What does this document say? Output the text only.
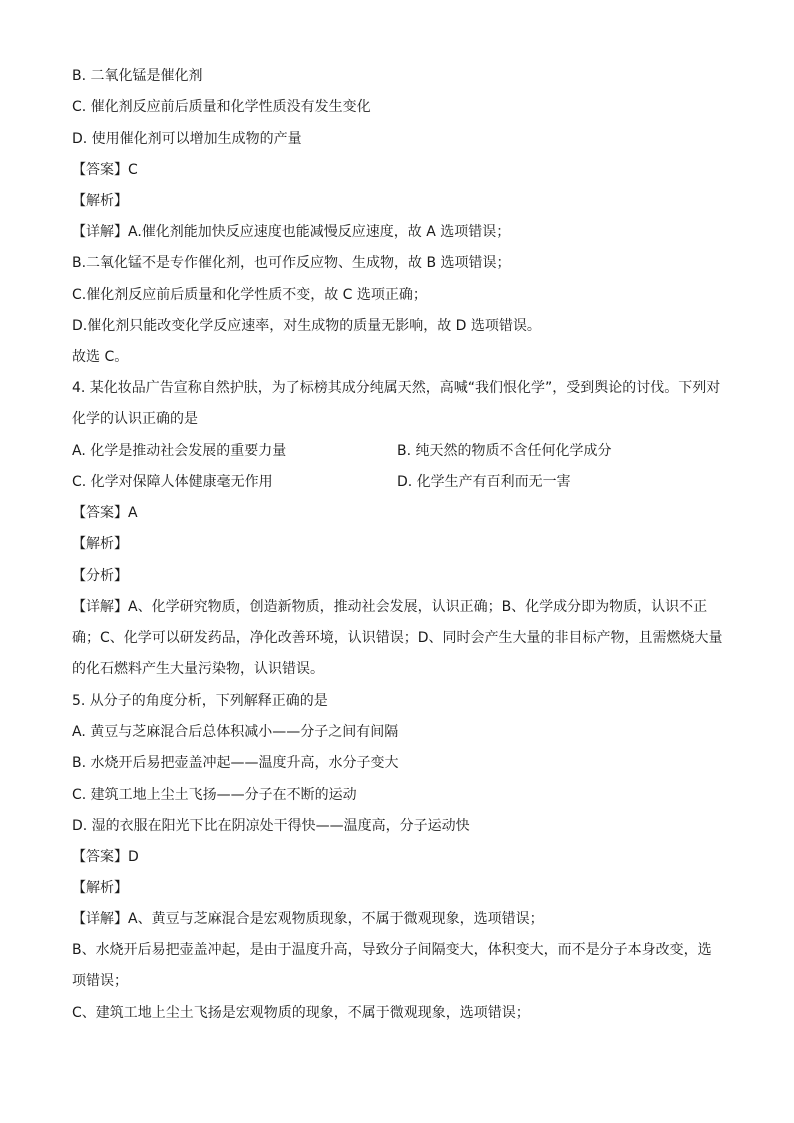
B. 二氧化锰是催化剂
C. 催化剂反应前后质量和化学性质没有发生变化
D. 使用催化剂可以增加生成物的产量
【答案】C
【解析】
【详解】A.催化剂能加快反应速度也能减慢反应速度，故 A 选项错误；
B.二氧化锰不是专作催化剂，也可作反应物、生成物，故 B 选项错误；
C.催化剂反应前后质量和化学性质不变，故 C 选项正确；
D.催化剂只能改变化学反应速率，对生成物的质量无影响，故 D 选项错误。
故选 C。
4. 某化妆品广告宣称自然护肤，为了标榜其成分纯属天然，高喊“我们恨化学”，受到舆论的讨伐。下列对化学的认识正确的是
A. 化学是推动社会发展的重要力量	B. 纯天然的物质不含任何化学成分
C. 化学对保障人体健康毫无作用	D. 化学生产有百利而无一害
【答案】A
【解析】
【分析】
【详解】A、化学研究物质，创造新物质，推动社会发展，认识正确；B、化学成分即为物质，认识不正确；C、化学可以研发药品，净化改善环境，认识错误；D、同时会产生大量的非目标产物，且需燃烧大量的化石燃料产生大量污染物，认识错误。
5. 从分子的角度分析，下列解释正确的是
A. 黄豆与芝麻混合后总体积减小——分子之间有间隔
B. 水烧开后易把壶盖冲起——温度升高，水分子变大
C. 建筑工地上尘土飞扬——分子在不断的运动
D. 湿的衣服在阳光下比在阴凉处干得快——温度高，分子运动快
【答案】D
【解析】
【详解】A、黄豆与芝麻混合是宏观物质现象，不属于微观现象，选项错误；
B、水烧开后易把壶盖冲起，是由于温度升高，导致分子间隔变大，体积变大，而不是分子本身改变，选项错误；
C、建筑工地上尘土飞扬是宏观物质的现象，不属于微观现象，选项错误；
